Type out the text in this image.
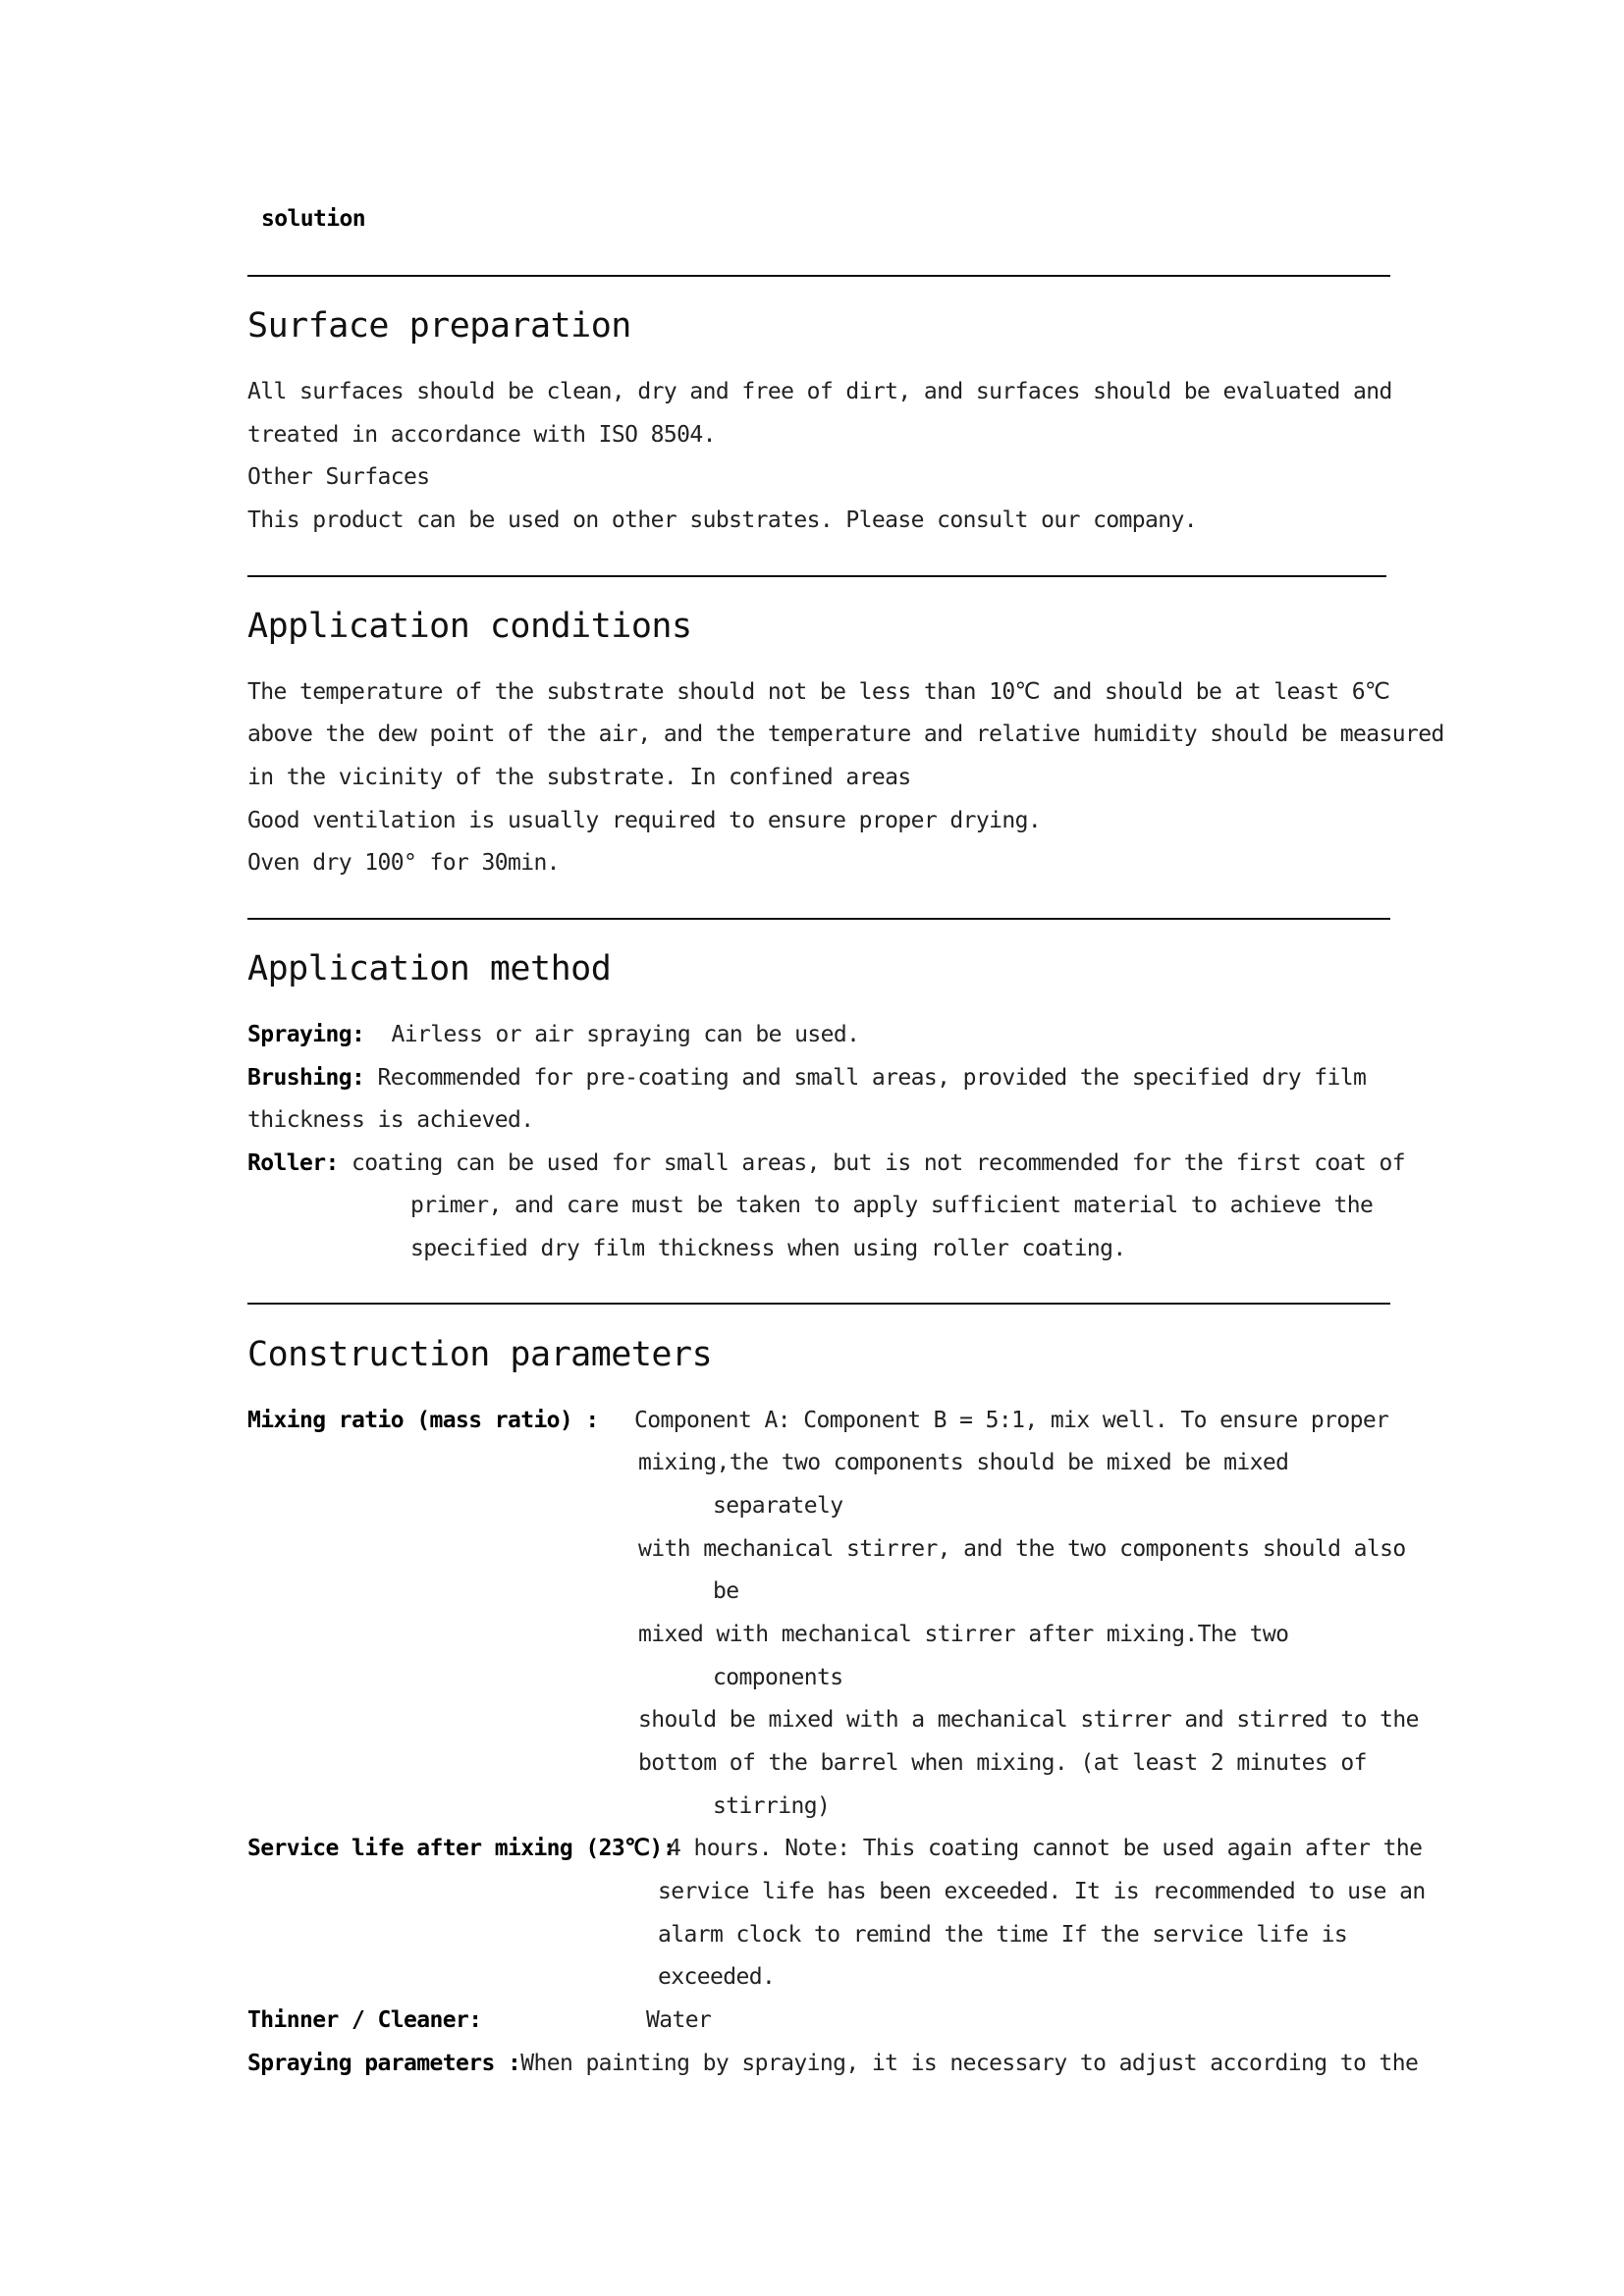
solution
Surface preparation
All surfaces should be clean, dry and free of dirt, and surfaces should be evaluated and
treated in accordance with ISO 8504.
Other Surfaces
This product can be used on other substrates. Please consult our company.
Application conditions
The temperature of the substrate should not be less than 10℃ and should be at least 6℃
above the dew point of the air, and the temperature and relative humidity should be measured
in the vicinity of the substrate. In confined areas
Good ventilation is usually required to ensure proper drying.
Oven dry 100° for 30min.
Application method
Spraying: Airless or air spraying can be used.
Brushing: Recommended for pre-coating and small areas, provided the specified dry film
thickness is achieved.
Roller: coating can be used for small areas, but is not recommended for the first coat of
primer, and care must be taken to apply sufficient material to achieve the
specified dry film thickness when using roller coating.
Construction parameters
Mixing ratio (mass ratio) : Component A: Component B = 5:1, mix well. To ensure proper
mixing,the two components should be mixed be mixed
separately
with mechanical stirrer, and the two components should also
be
mixed with mechanical stirrer after mixing.The two
components
should be mixed with a mechanical stirrer and stirred to the
bottom of the barrel when mixing. (at least 2 minutes of
stirring)
Service life after mixing (23℃):
4 hours. Note: This coating cannot be used again after the
service life has been exceeded. It is recommended to use an
alarm clock to remind the time If the service life is
exceeded.
Thinner / Cleaner:	Water
Spraying parameters :When painting by spraying, it is necessary to adjust according to the
